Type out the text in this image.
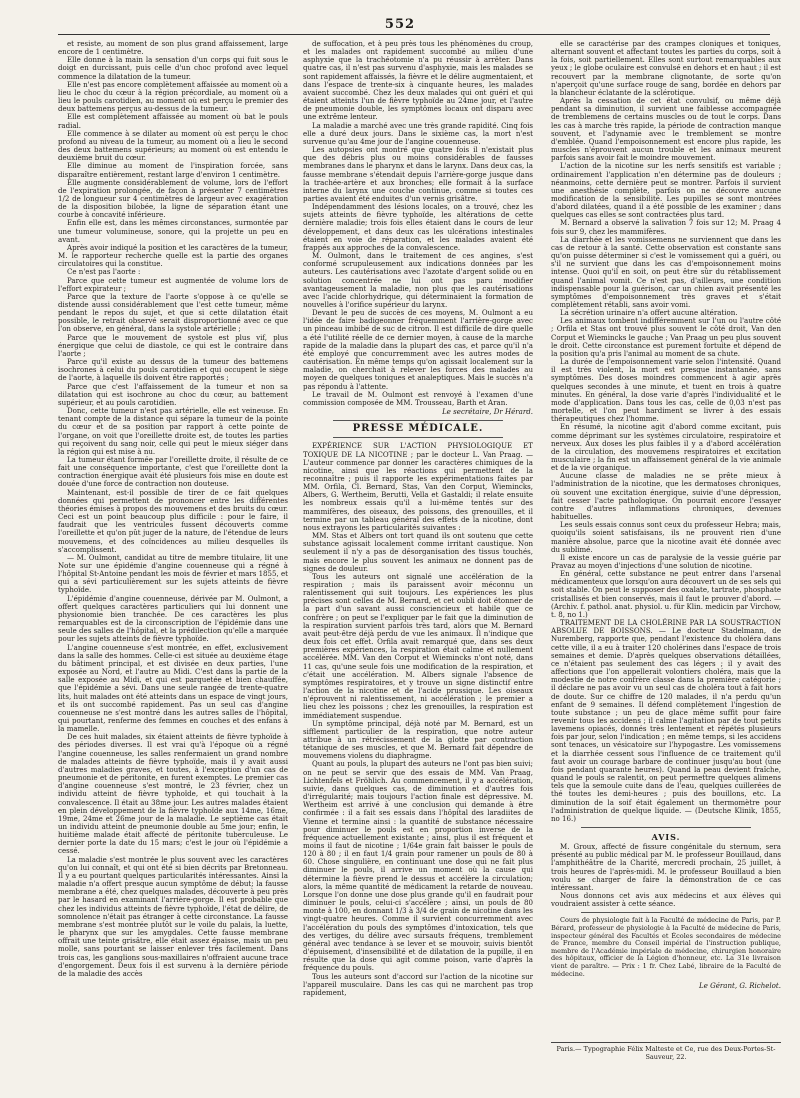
552

et resiste, au moment de son plus grand affaissement, large encore de 1 centimètre.

Elle donne à la main la sensation d'un corps qui fuit sous le doigt en durcissant, puis celle d'un choc profond avec lequel commence la dilatation de la tumeur.

Elle n'est pas encore complètement affaissée au moment où a lieu le choc du cœur à la région précordiale, au moment où a lieu le pouls carotidien, au moment où est perçu le premier des deux battemens perçus au-dessus de la tumeur.

Elle est complètement affaissée au moment où bat le pouls radial.

Elle commence à se dilater au moment où est perçu le choc profond au niveau de la tumeur, au moment où a lieu le second des deux battemens supérieurs; au moment où est entendu le deuxième bruit du cœur.

Elle diminue au moment de l'inspiration forcée, sans disparaître entièrement, restant large d'environ 1 centimètre.

Elle augmente considérablement de volume, lors de l'effort de l'expiration prolongée, de façon à présenter 7 centimètres 1/2 de longueur sur 4 centimètres de largeur avec exagération de la disposition bilobée, la ligne de séparation étant une courbe à concavité inférieure.

Enfin elle est, dans les mêmes circonstances, surmontée par une tumeur volumineuse, sonore, qui la projette un peu en avant.

Après avoir indiqué la position et les caractères de la tumeur, M. le rapporteur recherche quelle est la partie des organes circulatoires qui la constitue.

Ce n'est pas l'aorte :

Parce que cette tumeur est augmentée de volume lors de l'effort expirateur ;

Parce que la texture de l'aorte s'oppose à ce qu'elle se distende aussi considérablement que l'est cette tumeur, même pendant le repos du sujet, et que si cette dilatation était possible, le retrait observé serait disproportionné avec ce que l'on observe, en général, dans la systole artérielle ;

Parce que le mouvement de systole est plus vif, plus énergique que celui de diastole, ce qui est le contraire dans l'aorte ;

Parce qu'il existe au dessus de la tumeur des battemens isochrones à celui du pouls carotidien et qui occupent le siège de l'aorte, à laquelle ils doivent être rapportés ;

Parce que c'est l'affaissement de la tumeur et non sa dilatation qui est isochrone au choc du cœur, au battement supérieur, et au pouls carotidien.

Donc, cette tumeur n'est pas artérielle, elle est veineuse. En tenant compte de la distance qui sépare la tumeur de la pointe du cœur et de sa position par rapport à cette pointe de l'organe, on voit que l'oreillette droite est, de toutes les parties qui reçoivent du sang noir, celle qui peut le mieux siéger dans la région qui est mise à nu.

La tumeur étant formée par l'oreillette droite, il résulte de ce fait une conséquence importante, c'est que l'oreillette dont la contraction énergique avait été plusieurs fois mise en doute est douée d'une force de contraction non douteuse.

Maintenant, est-il possible de tirer de ce fait quelques données qui permettent de prononcer entre les différentes théories émises à propos des mouvemens et des bruits du cœur. Ceci est un point beaucoup plus difficile : pour le faire, il faudrait que les ventricules fussent découverts comme l'oreillette et qu'on pût juger de la nature, de l'étendue de leurs mouvemens, et des coïncidences au milieu desquelles ils s'accomplissent.

— M. Oulmont, candidat au titre de membre titulaire, lit une Note sur une épidémie d'angine couenneuse qui a régné à l'hôpital St-Antoine pendant les mois de février et mars 1855, et qui a sévi particulièrement sur les sujets atteints de fièvre typhoïde.

L'épidémie d'angine couenneuse, dérivée par M. Oulmont, a offert quelques caractères particuliers qui lui donnent une physionomie bien tranchée. De ces caractères les plus remarquables est de la circonscription de l'épidémie dans une seule des salles de l'hôpital, et la prédilection qu'elle a marquée pour les sujets atteints de fièvre typhoïde.

L'angine couenneuse s'est montrée, en effet, exclusivement dans la salle des hommes. Celle-ci est située au deuxième étage du bâtiment principal, et est divisée en deux parties, l'une exposée au Nord, et l'autre au Midi. C'est dans la partie de la salle exposée au Midi, et qui est parquetée et bien chauffée, que l'épidémie a sévi. Dans une seule rangée de trente-quatre lits, huit malades ont été atteints dans un espace de vingt jours, et ils ont succombé rapidement. Pas un seul cas d'angine couenneuse ne s'est montré dans les autres salles de l'hôpital, qui pourtant, renferme des femmes en couches et des enfans à la mamelle.

De ces huit malades, six étaient atteints de fièvre typhoïde à des périodes diverses. Il est vrai qu'à l'époque où a régné l'angine couenneuse, les salles renfermaient un grand nombre de malades atteints de fièvre typhoïde, mais il y avait aussi d'autres maladies graves, et toutes, à l'exception d'un cas de pneumonie et de péritonite, en furent exemptes. Le premier cas d'angine couenneuse s'est montré, le 23 février, chez un individu atteint de fièvre typhoïde, et qui touchait à la convalescence. Il était au 38me jour. Les autres malades étaient en plein développement de la fièvre typhoïde aux 14me, 16me, 19me, 24me et 26me jour de la maladie. Le septième cas était un individu atteint de pneumonie double au 5me jour; enfin, le huitième malade était affecté de péritonite tuberculeuse. Le dernier porte la date du 15 mars; c'est le jour où l'épidémie a cessé.

La maladie s'est montrée le plus souvent avec les caractères qu'on lui connaît, et qui ont été si bien décrits par Bretonneau. Il y a eu pourtant quelques particularités intéressantes. Ainsi la maladie n'a offert presque aucun symptôme de début; la fausse membrane a été, chez quelques malades, découverte à peu près par le hasard en examinant l'arrière-gorge. Il est probable que chez les individus atteints de fièvre typhoïde, l'état de délire, de somnolence n'était pas étranger à cette circonstance. La fausse membrane s'est montrée plutôt sur le voile du palais, la luette, le pharynx que sur les amygdales. Cette fausse membrane offrait une teinte grisâtre, elle était assez épaisse, mais un peu molle, sans pourtant se laisser enlever très facilement. Dans trois cas, les ganglions sous-maxillaires n'offraient aucune trace d'engorgement. Deux fois il est survenu à la dernière période de la maladie des accès

de suffocation, et à peu près tous les phénomènes du croup, et les malades ont rapidement succombé au milieu d'une asphyxie que la trachéotomie n'a pu réussir à arrêter. Dans quatre cas, il n'est pas survenu d'asphyxie, mais les malades se sont rapidement affaissés, la fièvre et le délire augmentaient, et dans l'espace de trente-six à cinquante heures, les malades avaient succombé. Chez les deux malades qui ont guéri et qui étaient atteints l'un de fièvre typhoïde au 24me jour, et l'autre de pneumonie double, les symptômes locaux ont disparu avec une extrême lenteur.

La maladie a marché avec une très grande rapidité. Cinq fois elle a duré deux jours. Dans le sixième cas, la mort n'est survenue qu'au 4me jour de l'angine couenneuse.

Les autopsies ont montré que quatre fois il n'existait plus que des débris plus ou moins considérables de fausses membranes dans le pharynx et dans le larynx. Dans deux cas, la fausse membrane s'étendait depuis l'arrière-gorge jusque dans la trachée-artère et aux bronches; elle formait à la surface interne du larynx une couche continue, comme si toutes ces parties avaient été enduites d'un vernis grisâtre.

Indépendamment des lésions locales, on a trouvé, chez les sujets atteints de fièvre typhoïde, les altérations de cette dernière maladie; trois fois elles étaient dans le cours de leur développement, et dans deux cas les ulcérations intestinales étaient en voie de réparation, et les malades avaient été frappés aux approches de la convalescence.

M. Oulmont, dans le traitement de ces angines, s'est conformé scrupuleusement aux indications données par les auteurs. Les cautérisations avec l'azotate d'argent solide ou en solution concentrée ne lui ont pas paru modifier avantageusement la maladie, non plus que les cautérisations avec l'acide chlorhydrique, qui déterminaient la formation de nouvelles à l'orifice supérieur du larynx.

Devant le peu de succès de ces moyens, M. Oulmont a eu l'idée de faire badigeonner fréquemment l'arrière-gorge avec un pinceau imbibé de suc de citron. Il est difficile de dire quelle a été l'utilité réelle de ce dernier moyen, à cause de la marche rapide de la maladie dans la plupart des cas, et parce qu'il n'a été employé que concurremment avec les autres modes de cautérisation. En même temps qu'on agissait localement sur la maladie, on cherchait à relever les forces des malades au moyen de quelques toniques et analeptiques. Mais le succès n'a pas répondu à l'attente.

Le travail de M. Oulmont est renvoyé à l'examen d'une commission composée de MM. Trousseau, Barth et Aran.

Le secrétaire, Dr Hérard.
PRESSE MÉDICALE.

EXPÉRIENCE SUR L'ACTION PHYSIOLOGIQUE ET TOXIQUE DE LA NICOTINE ; par le docteur L. Van Praag. — L'auteur commence par donner les caractères chimiques de la nicotine, ainsi que les réactions qui permettent de la reconnaître ; puis il rapporte les expérimentations faites par MM. Orfila, Cl. Bernard, Stas, Van den Corput, Wiemincks, Albers, G. Wertheim, Berutti, Vella et Gastaldi; il relate ensuite les nombreux essais qu'il a lui-même tentés sur des mammifères, des oiseaux, des poissons, des grenouilles, et il termine par un tableau général des effets de la nicotine, dont nous extrayons les particularités suivantes :

MM. Stas et Albers ont tort quand ils ont soutenu que cette substance agissait localement comme irritant caustique. Non seulement il n'y a pas de désorganisation des tissus touchés, mais encore le plus souvent les animaux ne donnent pas de signes de douleur.

Tous les auteurs ont signalé une accélération de la respiration ; mais ils paraissent avoir méconnu un ralentissement qui suit toujours. Les expériences les plus précises sont celles de M. Bernard, et cet oubli doit étonner de la part d'un savant aussi consciencieux et habile que ce confrère ; on peut se l'expliquer par le fait que la diminution de la respiration survient parfois très tard, alors que M. Bernard avait peut-être déjà perdu de vue les animaux. Il n'indique que deux fois cet effet. Orfila avait remarqué que, dans ses deux premières expériences, la respiration était calme et nullement accélérée. MM. Van den Corput et Wiemincks n'ont noté, dans 11 cas, qu'une seule fois une modification de la respiration, et c'était une accélération. M. Albers signale l'absence de symptômes respiratoires, et y trouve un signe distinctif entre l'action de la nicotine et de l'acide prussique. Les oiseaux n'éprouvent ni ralentissement, ni accélération ; le premier a lieu chez les poissons ; chez les grenouilles, la respiration est immédiatement suspendue.

Un symptôme principal, déjà noté par M. Bernard, est un sifflement particulier de la respiration, que notre auteur attribue à un rétrécissement de la glotte par contraction tétanique de ses muscles, et que M. Bernard fait dépendre de mouvemens violens du diaphragme.

Quant au pouls, la plupart des auteurs ne l'ont pas bien suivi; on ne peut se servir que des essais de MM. Van Praag, Lichtenfels et Fröhlich. Au commencement, il y a accélération, suivie, dans quelques cas, de diminution et d'autres fois d'irrégularité; mais toujours l'action finale est dépressive. M. Wertheim est arrivé à une conclusion qui demande à être confirmée : il a fait ses essais dans l'hôpital des laradiites de Vienne et termine ainsi : la quantité de substance nécessaire pour diminuer le pouls est en proportion inverse de la fréquence actuellement existante ; ainsi, plus il est fréquent et moins il faut de nicotine ; 1/64e grain fait baisser le pouls de 120 à 80 ; il en faut 1/4 grain pour ramener un pouls de 80 à 60. Chose singulière, en continuant une dose qui ne fait plus diminuer le pouls, il arrive un moment où la cause qui détermine la fièvre prend le dessus et accélère la circulation; alors, la même quantité de médicament la retarde de nouveau. Lorsque l'on donne une dose plus grande qu'il en faudrait pour diminuer le pouls, celui-ci s'accélère ; ainsi, un pouls de 80 monte à 100, en donnant 1/3 à 3/4 de grain de nicotine dans les vingt-quatre heures. Comme il survient concurremment avec l'accélération du pouls des symptômes d'intoxication, tels que des vertiges, du délire avec sursauts fréquens, tremblement général avec tendance à se lever et se mouvoir, suivis bientôt d'épuisement, d'insensibilité et de dilatation de la pupille, il en résulte que la dose qui agit comme poison, varie d'après la fréquence du pouls.

Tous les auteurs sont d'accord sur l'action de la nicotine sur l'appareil musculaire. Dans les cas qui ne marchent pas trop rapidement,

elle se caractérise par des crampes cloniques et toniques, alternant souvent et affectant toutes les parties du corps, soit à la fois, soit partiellement. Elles sont surtout remarquables aux yeux ; le globe oculaire est convulsé en dehors et en haut ; il est recouvert par la membrane clignotante, de sorte qu'on n'aperçoit qu'une surface rouge de sang, bordée en dehors par la blancheur éclatante de la sclérotique.

Après la cessation de cet état convulsif, ou même déjà pendant sa diminution, il survient une faiblesse accompagnée de tremblemens de certains muscles ou de tout le corps. Dans les cas à marche très rapide, la période de contraction manque souvent, et l'adynamie avec le tremblement se montre d'emblée. Quand l'empoisonnement est encore plus rapide, les muscles n'éprouvent aucun trouble et les animaux meurent parfois sans avoir fait le moindre mouvement.

L'action de la nicotine sur les nerfs sensitifs est variable ; ordinairement l'application n'en détermine pas de douleurs ; néanmoins, cette dernière peut se montrer. Parfois il survient une anesthésie complète, parfois on ne découvre aucune modification de la sensibilité. Les pupilles se sont montrées d'abord dilatées, quand il a été possible de les examiner ; dans quelques cas elles se sont contractées plus tard.

M. Bernard a observé la salivation 7 fois sur 12; M. Praag 4 fois sur 9, chez les mammifères.

La diarrhée et les vomissemens ne surviennent que dans les cas de retour à la santé. Cette observation est constante sans qu'on puisse déterminer si c'est le vomissement qui a guéri, ou s'il ne survient que dans les cas d'empoisonnement moins intense. Quoi qu'il en soit, on peut être sûr du rétablissement quand l'animal vomit. Ce n'est pas, d'ailleurs, une condition indispensable pour la guérison, car un chien avait présenté les symptômes d'empoisonnement très graves et s'était complètement rétabli, sans avoir vomi.

La sécrétion urinaire n'a offert aucune altération.

Les animaux tombent indifféremment sur l'un ou l'autre côté ; Orfila et Stas ont trouvé plus souvent le côté droit, Van den Corput et Wiemincks le gauche ; Van Praag un peu plus souvent le droit. Cette circonstance est purement fortuite et dépend de la position qu'a pris l'animal au moment de sa chute.

La durée de l'empoisonnement varie selon l'intensité. Quand il est très violent, la mort est presque instantanée, sans symptômes. Des doses moindres commencent à agir après quelques secondes à une minute, et tuent en trois à quatre minutes. En général, la dose varie d'après l'individualité et le mode d'application. Dans tous les cas, celle de 0,03 n'est pas mortelle, et l'on peut hardiment se livrer à des essais thérapeutiques chez l'homme.

En résumé, la nicotine agit d'abord comme excitant, puis comme déprimant sur les systèmes circulatoire, respiratoire et nerveux. Aux doses les plus faibles il y a d'abord accélération de la circulation, des mouvemens respiratoires et excitation musculaire ; la fin est un affaissement général de la vie animale et de la vie organique.

Aucune classe de maladies ne se prête mieux à l'administration de la nicotine, que les dermatoses chroniques, où souvent une excitation énergique, suivie d'une dépression, fait cesser l'acte pathologique. On pourrait encore l'essayer contre d'autres inflammations chroniques, devenues habituelles.

Les seuls essais connus sont ceux du professeur Hebra; mais, quoiqu'ils soient satisfaisans, ils ne prouvent rien d'une manière absolue, parce que la nicotine avait été donnée avec du sublimé.

Il existe encore un cas de paralysie de la vessie guérie par Pravaz au moyen d'injections d'une solution de nicotine.

En général, cette substance ne peut entrer dans l'arsenal médicamenteux que lorsqu'on aura découvert un de ses sels qui soit stable. On peut le supposer des oxalate, tartrate, phosphate cristallisés et bien conservés, mais il faut le prouver d'abord. — (Archiv. f. pathol. anat. physiol. u. für Klin. medicin par Virchow, t. 8, no 1.)

TRAITEMENT DE LA CHOLÉRINE PAR LA SOUSTRACTION ABSOLUE DE BOISSONS. — Le docteur Stadelmann, de Nuremberg, rapporte que, pendant l'existence du choléra dans cette ville, il a eu à traiter 120 cholérines dans l'espace de trois semaines et demie. D'après quelques observations détaillées, ce n'étaient pas seulement des cas légers ; il y avait des affections que l'on appellerait volontiers choléra, mais que la modestie de notre confrère classe dans la première catégorie ; il déclare ne pas avoir vu un seul cas de choléra tout à fait hors de doute. Sur ce chiffre de 120 malades, il n'a perdu qu'un enfant de 9 semaines. Il défend complètement l'ingestion de toute substance ; un peu de glace même suffit pour faire revenir tous les accidens ; il calme l'agitation par de tout petits lavemens opiacés, donnés très lentement et répétés plusieurs fois par jour, selon l'indication ; en même temps, si les accidens sont tenaces, un vésicatoire sur l'hypogastre. Les vomissemens et la diarrhée cessent sous l'influence de ce traitement qu'il faut avoir un courage barbare de continuer jusqu'au bout (une fois pendant quarante heures). Quand la peau devient fraîche, quand le pouls se ralentit, on peut permettre quelques alimens tels que la semoule cuite dans de l'eau, quelques cuillerées de thé toutes les demi-heures ; puis des bouillons, etc. La diminution de la soif était également un thermomètre pour l'administration de quelque liquide. — (Deutsche Klinik, 1855, no 16.)

AVIS.

M. Groux, affecté de fissure congénitale du sternum, sera présenté au public médical par M. le professeur Bouillaud, dans l'amphithéâtre de la Charité, mercredi prochain, 25 juillet, à trois heures de l'après-midi. M. le professeur Bouillaud a bien voulu se charger de faire la démonstration de ce cas intéressant.

Nous donnons cet avis aux médecins et aux élèves qui voudraient assister à cette séance.

Cours de physiologie fait à la Faculté de médecine de Paris, par P. Bérard, professeur de physiologie à la Faculté de médecine de Paris, inspecteur général des Facultés et Écoles secondaires de médecine de France, membre du Conseil impérial de l'instruction publique, membre de l'Académie impériale de médecine, chirurgien honoraire des hôpitaux, officier de la Légion d'honneur, etc. La 31e livraison vient de paraître. — Prix : 1 fr. Chez Labé, libraire de la Faculté de médecine.

Le Gérant, G. Richelot.
Paris.— Typographie Félix Malteste et Ce, rue des Deux-Portes-St-Sauveur, 22.
